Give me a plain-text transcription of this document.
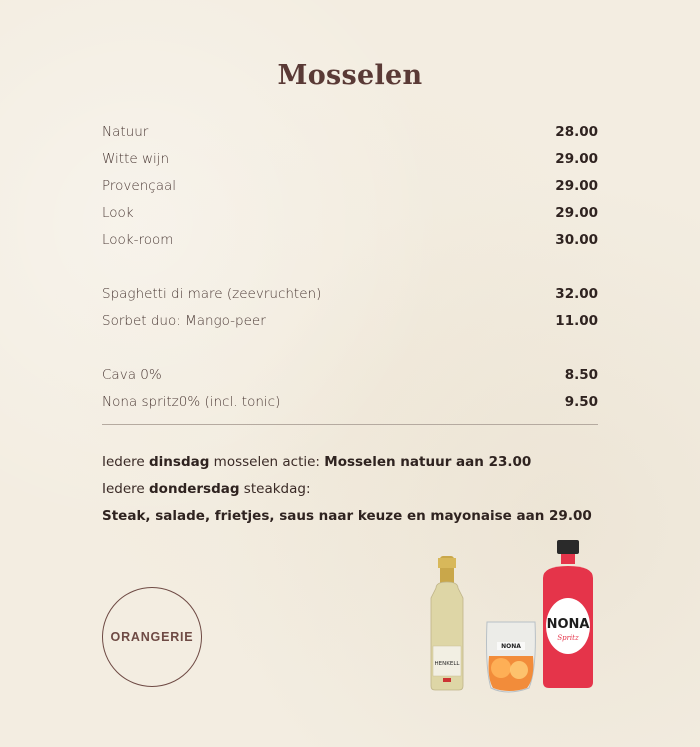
Mosselen
Natuur	28.00
Witte wijn	29.00
Provençaal	29.00
Look	29.00
Look-room	30.00
Spaghetti di mare (zeevruchten)	32.00
Sorbet duo: Mango-peer	11.00
Cava 0%	8.50
Nona spritz0% (incl. tonic)	9.50
Iedere dinsdag mosselen actie: Mosselen natuur aan 23.00
Iedere dondersdag steakdag:
Steak, salade, frietjes, saus naar keuze en mayonaise aan 29.00
ORANGERIE
HENKELL
NONA
NONA
Spritz
